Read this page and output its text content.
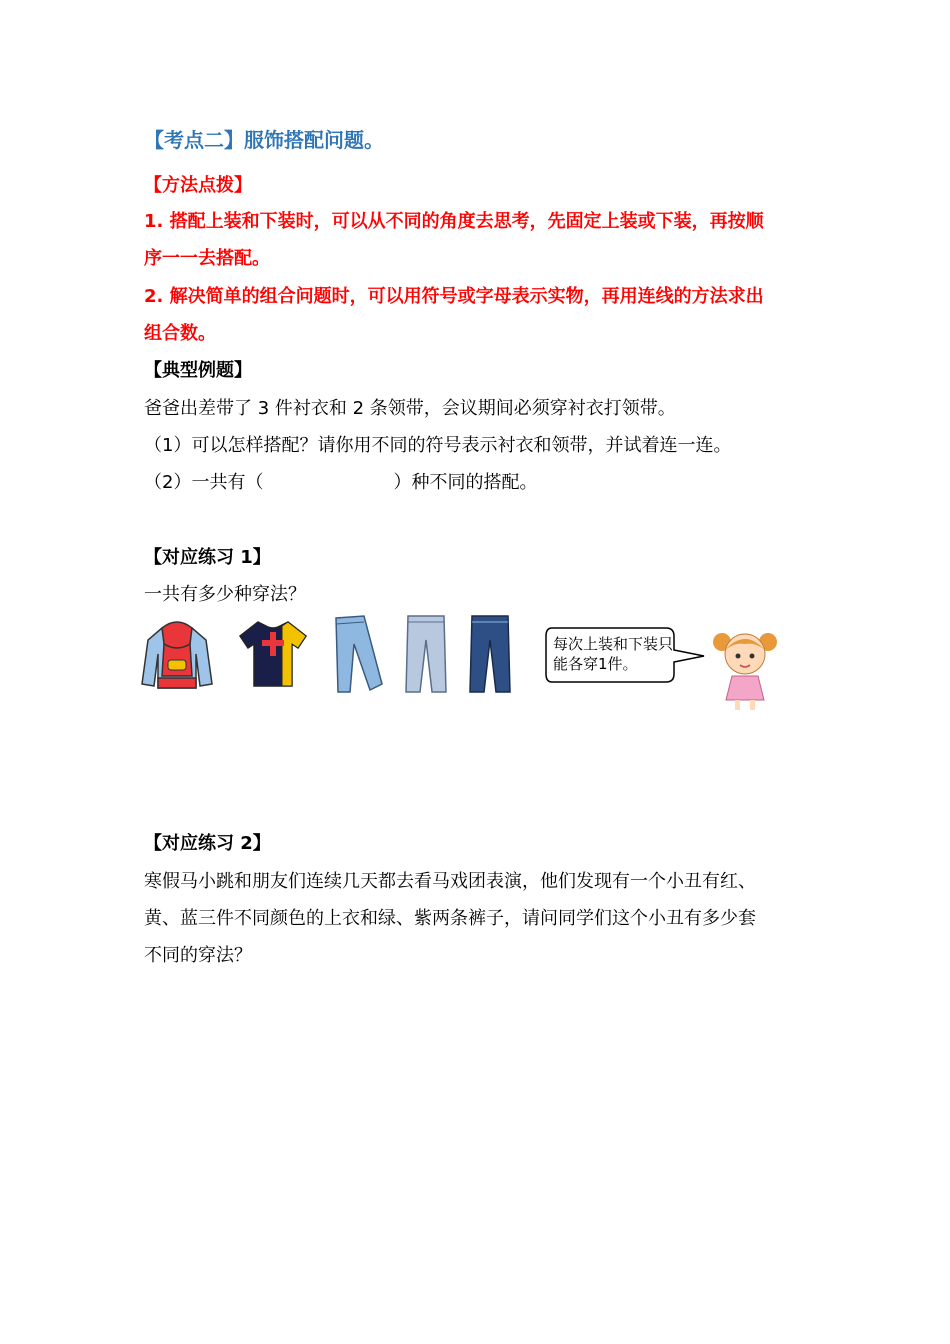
【考点二】服饰搭配问题。
【方法点拨】
1. 搭配上装和下装时，可以从不同的角度去思考，先固定上装或下装，再按顺
序一一去搭配。
2. 解决简单的组合问题时，可以用符号或字母表示实物，再用连线的方法求出
组合数。
【典型例题】
爸爸出差带了 3 件衬衣和 2 条领带，会议期间必须穿衬衣打领带。
（1）可以怎样搭配？请你用不同的符号表示衬衣和领带，并试着连一连。
（2）一共有（	）种不同的搭配。
【对应练习 1】
一共有多少种穿法？
每次上装和下装只能各穿1件。
【对应练习 2】
寒假马小跳和朋友们连续几天都去看马戏团表演，他们发现有一个小丑有红、
黄、蓝三件不同颜色的上衣和绿、紫两条裤子，请问同学们这个小丑有多少套
不同的穿法？
